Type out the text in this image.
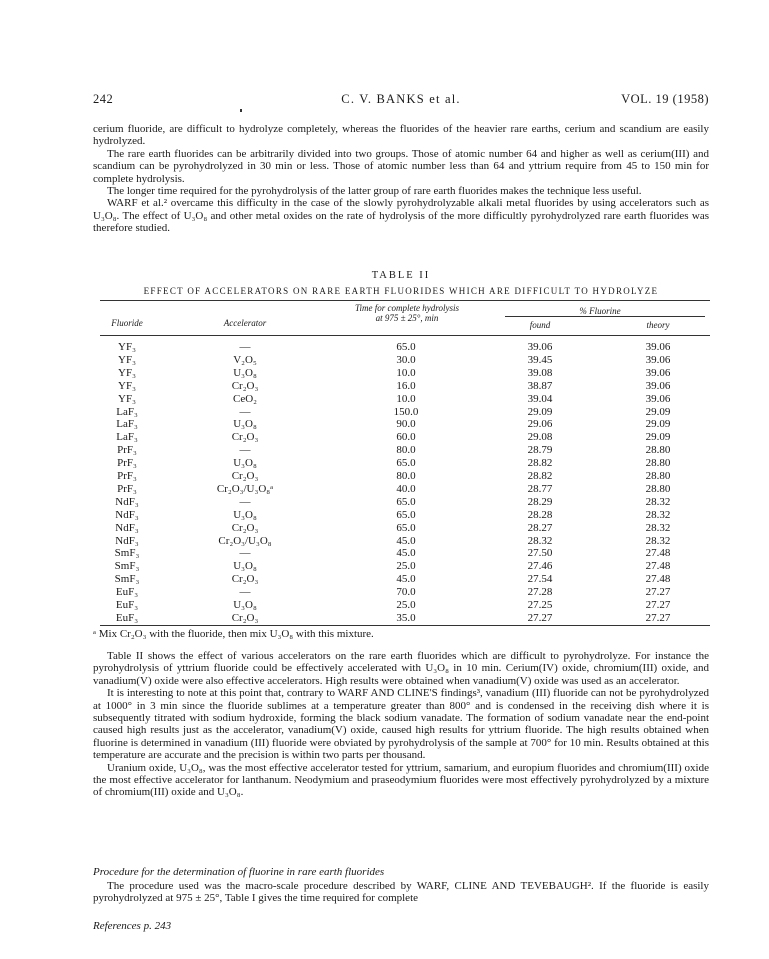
242	C. V. BANKS et al.	VOL. 19 (1958)

cerium fluoride, are difficult to hydrolyze completely, whereas the fluorides of the heavier rare earths, cerium and scandium are easily hydrolyzed.

The rare earth fluorides can be arbitrarily divided into two groups. Those of atomic number 64 and higher as well as cerium(III) and scandium can be pyrohydrolyzed in 30 min or less. Those of atomic number less than 64 and yttrium require from 45 to 150 min for complete hydrolysis.

The longer time required for the pyrohydrolysis of the latter group of rare earth fluorides makes the technique less useful.

WARF et al.² overcame this difficulty in the case of the slowly pyrohydrolyzable alkali metal fluorides by using accelerators such as U₃O₈. The effect of U₃O₈ and other metal oxides on the rate of hydrolysis of the more difficultly pyrohydrolyzed rare earth fluorides was therefore studied.

TABLE II
EFFECT OF ACCELERATORS ON RARE EARTH FLUORIDES WHICH ARE DIFFICULT TO HYDROLYZE
Fluoride	Accelerator
Time for complete hydrolysis at 975 ± 25°, min
% Fluorine
found	theory
YF₃	—	65.0	39.06	39.06
YF₃	V₂O₅	30.0	39.45	39.06
YF₃	U₃O₈	10.0	39.08	39.06
YF₃	Cr₂O₃	16.0	38.87	39.06
YF₃	CeO₂	10.0	39.04	39.06
LaF₃	—	150.0	29.09	29.09
LaF₃	U₃O₈	90.0	29.06	29.09
LaF₃	Cr₂O₃	60.0	29.08	29.09
PrF₃	—	80.0	28.79	28.80
PrF₃	U₃O₈	65.0	28.82	28.80
PrF₃	Cr₂O₃	80.0	28.82	28.80
PrF₃	Cr₂O₃/U₃O₈ᵃ	40.0	28.77	28.80
NdF₃	—	65.0	28.29	28.32
NdF₃	U₃O₈	65.0	28.28	28.32
NdF₃	Cr₂O₃	65.0	28.27	28.32
NdF₃	Cr₂O₃/U₃O₈	45.0	28.32	28.32
SmF₃	—	45.0	27.50	27.48
SmF₃	U₃O₈	25.0	27.46	27.48
SmF₃	Cr₂O₃	45.0	27.54	27.48
EuF₃	—	70.0	27.28	27.27
EuF₃	U₃O₈	25.0	27.25	27.27
EuF₃	Cr₂O₃	35.0	27.27	27.27
ᵃ Mix Cr₂O₃ with the fluoride, then mix U₃O₈ with this mixture.

Table II shows the effect of various accelerators on the rare earth fluorides which are difficult to pyrohydrolyze. For instance the pyrohydrolysis of yttrium fluoride could be effectively accelerated with U₃O₈ in 10 min. Cerium(IV) oxide, chromium(III) oxide, and vanadium(V) oxide were also effective accelerators. High results were obtained when vanadium(V) oxide was used as an accelerator.

It is interesting to note at this point that, contrary to WARF AND CLINE'S findings³, vanadium (III) fluoride can not be pyrohydrolyzed at 1000° in 3 min since the fluoride sublimes at a temperature greater than 800° and is condensed in the receiving dish where it is subsequently titrated with sodium hydroxide, forming the black sodium vanadate. The formation of sodium vanadate near the end-point caused high results just as the accelerator, vanadium(V) oxide, caused high results for yttrium fluoride. The high results obtained when fluorine is determined in vanadium (III) fluoride were obviated by pyrohydrolysis of the sample at 700° for 10 min. Results obtained at this temperature are accurate and the precision is within two parts per thousand.

Uranium oxide, U₃O₈, was the most effective accelerator tested for yttrium, samarium, and europium fluorides and chromium(III) oxide the most effective accelerator for lanthanum. Neodymium and praseodymium fluorides were most effectively pyrohydrolyzed by a mixture of chromium(III) oxide and U₃O₈.

Procedure for the determination of fluorine in rare earth fluorides

The procedure used was the macro-scale procedure described by WARF, CLINE AND TEVEBAUGH². If the fluoride is easily pyrohydrolyzed at 975 ± 25°, Table I gives the time required for complete

References p. 243
